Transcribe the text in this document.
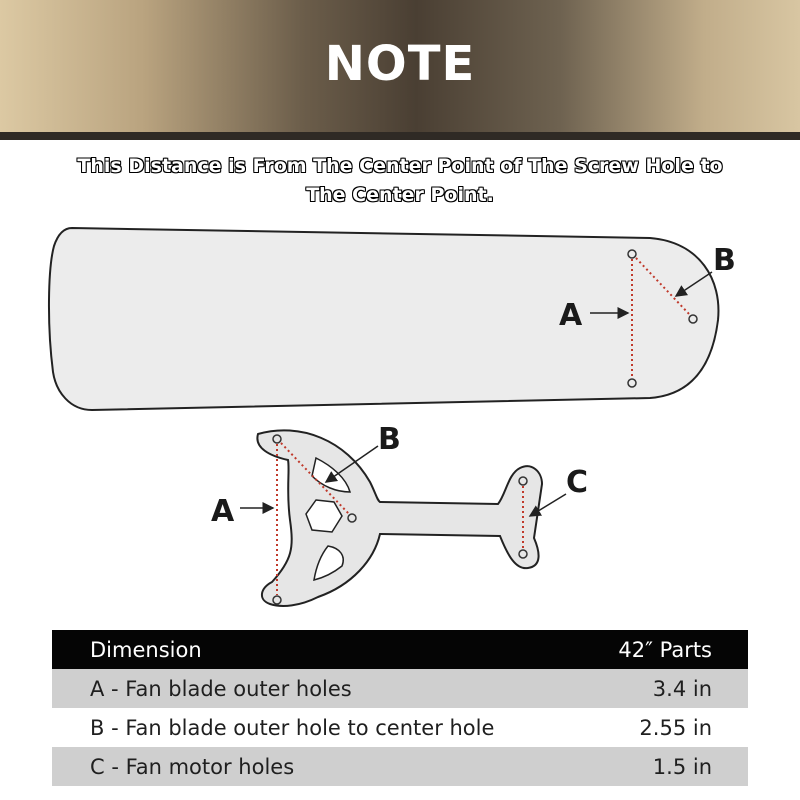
NOTE
This Distance is From The Center Point of The Screw Hole to
The Center Point.
A
B
A
B
C
Dimension	42″ Parts
A - Fan blade outer holes	3.4 in
B - Fan blade outer hole to center hole	2.55 in
C - Fan motor holes	1.5 in
